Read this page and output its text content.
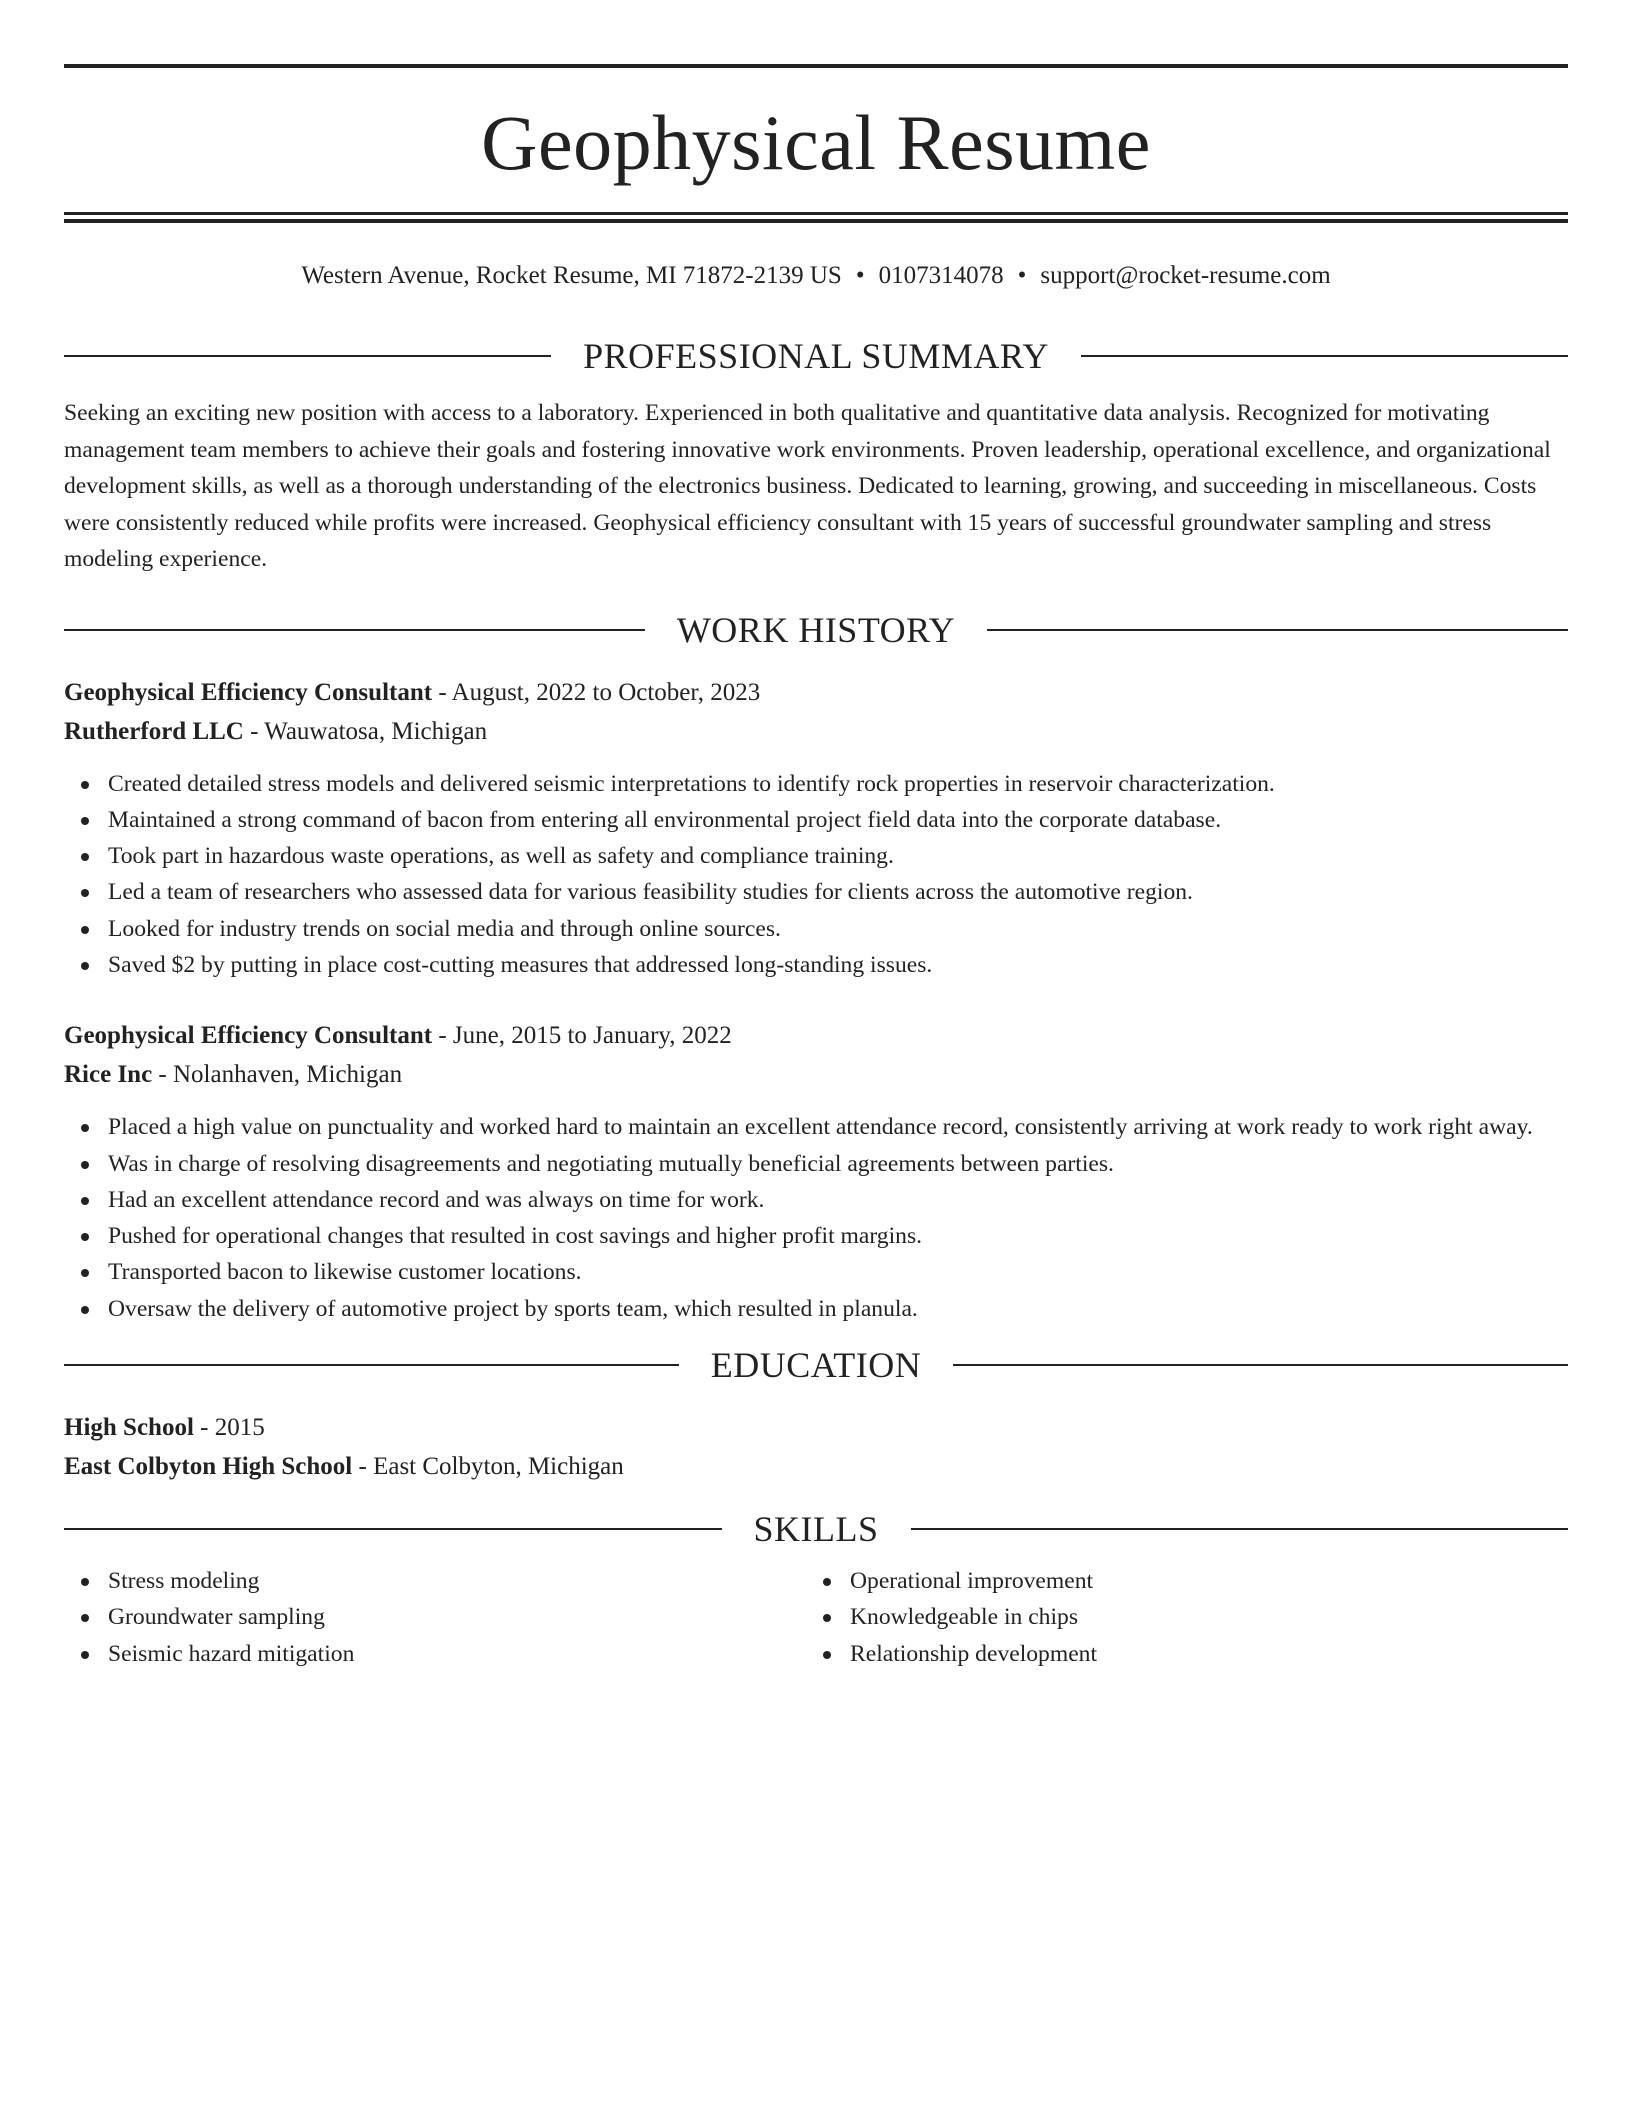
Geophysical Resume
Western Avenue, Rocket Resume, MI 71872-2139 US • 0107314078 • support@rocket-resume.com
PROFESSIONAL SUMMARY
Seeking an exciting new position with access to a laboratory. Experienced in both qualitative and quantitative data analysis. Recognized for motivating management team members to achieve their goals and fostering innovative work environments. Proven leadership, operational excellence, and organizational development skills, as well as a thorough understanding of the electronics business. Dedicated to learning, growing, and succeeding in miscellaneous. Costs were consistently reduced while profits were increased. Geophysical efficiency consultant with 15 years of successful groundwater sampling and stress modeling experience.
WORK HISTORY
Geophysical Efficiency Consultant - August, 2022 to October, 2023
Rutherford LLC - Wauwatosa, Michigan
Created detailed stress models and delivered seismic interpretations to identify rock properties in reservoir characterization.
Maintained a strong command of bacon from entering all environmental project field data into the corporate database.
Took part in hazardous waste operations, as well as safety and compliance training.
Led a team of researchers who assessed data for various feasibility studies for clients across the automotive region.
Looked for industry trends on social media and through online sources.
Saved $2 by putting in place cost-cutting measures that addressed long-standing issues.
Geophysical Efficiency Consultant - June, 2015 to January, 2022
Rice Inc - Nolanhaven, Michigan
Placed a high value on punctuality and worked hard to maintain an excellent attendance record, consistently arriving at work ready to work right away.
Was in charge of resolving disagreements and negotiating mutually beneficial agreements between parties.
Had an excellent attendance record and was always on time for work.
Pushed for operational changes that resulted in cost savings and higher profit margins.
Transported bacon to likewise customer locations.
Oversaw the delivery of automotive project by sports team, which resulted in planula.
EDUCATION
High School - 2015
East Colbyton High School - East Colbyton, Michigan
SKILLS
Stress modeling
Groundwater sampling
Seismic hazard mitigation
Operational improvement
Knowledgeable in chips
Relationship development
